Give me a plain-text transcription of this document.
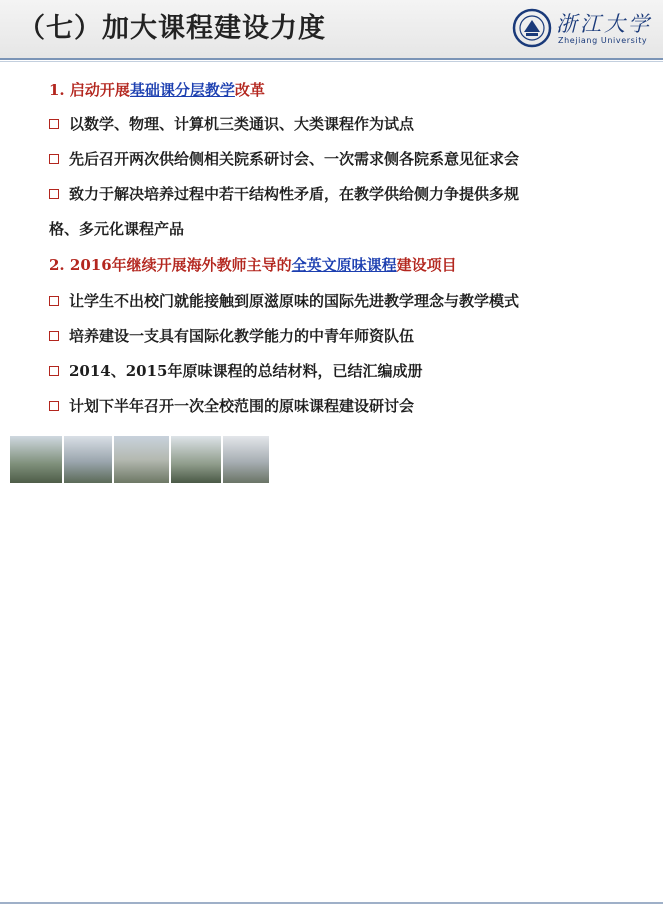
（七）加大课程建设力度	浙江大学
Zhejiang University
1. 启动开展基础课分层教学改革
以数学、物理、计算机三类通识、大类课程作为试点
先后召开两次供给侧相关院系研讨会、一次需求侧各院系意见征求会
致力于解决培养过程中若干结构性矛盾，在教学供给侧力争提供多规
格、多元化课程产品
2. 2016年继续开展海外教师主导的全英文原味课程建设项目
让学生不出校门就能接触到原滋原味的国际先进教学理念与教学模式
培养建设一支具有国际化教学能力的中青年师资队伍
2014、2015年原味课程的总结材料，已结汇编成册
计划下半年召开一次全校范围的原味课程建设研讨会
